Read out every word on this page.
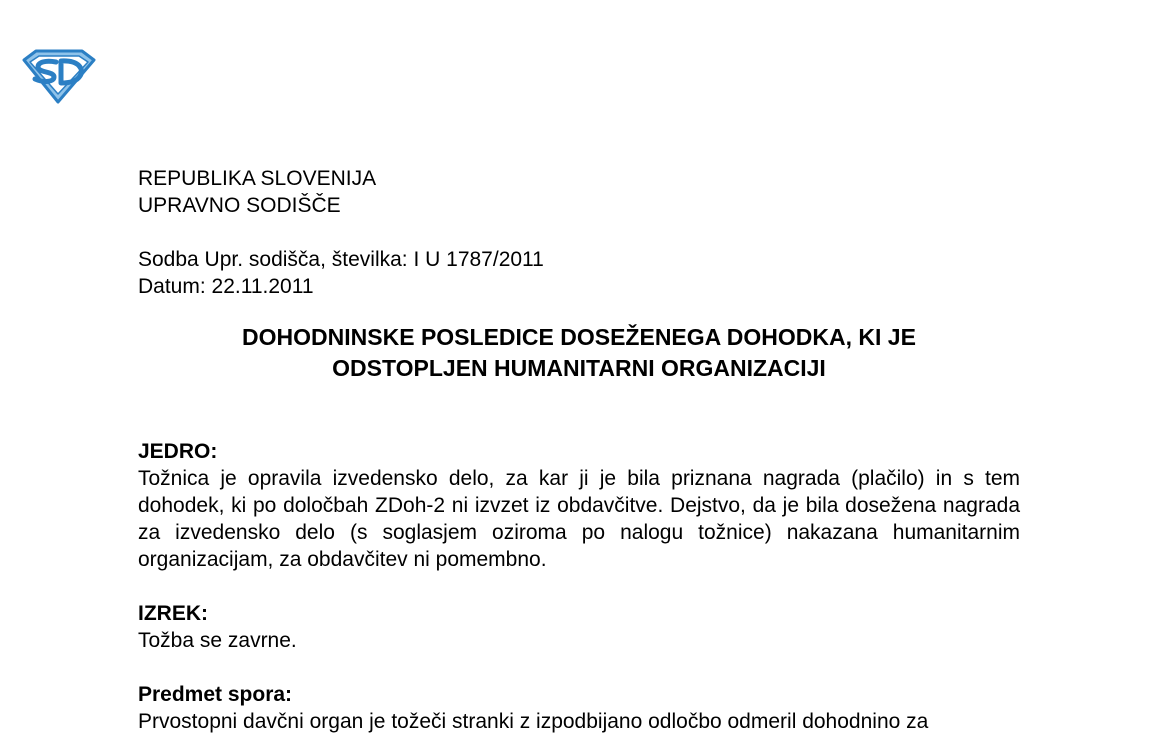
REPUBLIKA SLOVENIJA
UPRAVNO SODIŠČE
Sodba Upr. sodišča, številka: I U 1787/2011
Datum: 22.11.2011
DOHODNINSKE POSLEDICE DOSEŽENEGA DOHODKA, KI JE
ODSTOPLJEN HUMANITARNI ORGANIZACIJI
JEDRO:
Tožnica je opravila izvedensko delo, za kar ji je bila priznana nagrada (plačilo) in s tem dohodek, ki po določbah ZDoh-2 ni izvzet iz obdavčitve. Dejstvo, da je bila dosežena nagrada za izvedensko delo (s soglasjem oziroma po nalogu tožnice) nakazana humanitarnim organizacijam, za obdavčitev ni pomembno.
IZREK:
Tožba se zavrne.
Predmet spora:
Prvostopni davčni organ je tožeči stranki z izpodbijano odločbo odmeril dohodnino za
